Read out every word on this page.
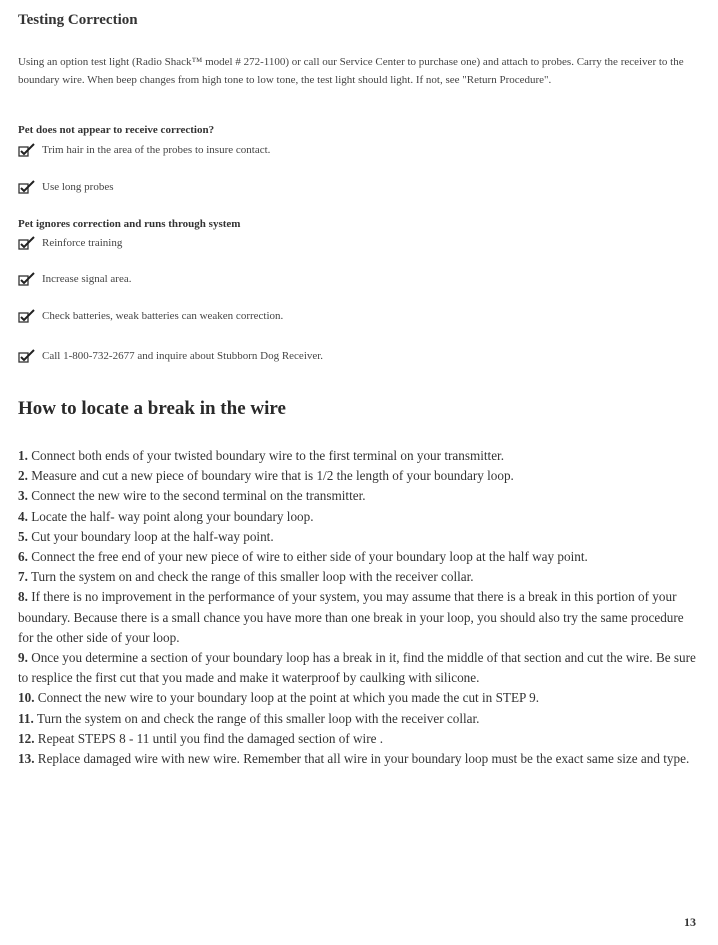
Testing Correction
Using an option test light (Radio Shack™ model # 272-1100) or call our Service Center to purchase one) and attach to probes. Carry the receiver to the boundary wire. When beep changes from high tone to low tone, the test light should light. If not, see "Return Procedure".
Pet does not appear to receive correction?
Trim hair in the area of the probes to insure contact.
Use long probes
Pet ignores correction and runs through system
Reinforce training
Increase signal area.
Check batteries, weak batteries can weaken correction.
Call 1-800-732-2677 and inquire about Stubborn Dog Receiver.
How to locate a break in the wire
1. Connect both ends of your twisted boundary wire to the first terminal on your transmitter.
2. Measure and cut a new piece of boundary wire that is 1/2 the length of your boundary loop.
3. Connect the new wire to the second terminal on the transmitter.
4. Locate the half- way point along your boundary loop.
5. Cut your boundary loop at the half-way point.
6. Connect the free end of your new piece of wire to either side of your boundary loop at the half way point.
7. Turn the system on and check the range of this smaller loop with the receiver collar.
8. If there is no improvement in the performance of your system, you may assume that there is a break in this portion of your boundary. Because there is a small chance you have more than one break in your loop, you should also try the same procedure for the other side of your loop.
9. Once you determine a section of your boundary loop has a break in it, find the middle of that section and cut the wire. Be sure to resplice the first cut that you made and make it waterproof by caulking with silicone.
10. Connect the new wire to your boundary loop at the point at which you made the cut in STEP 9.
11. Turn the system on and check the range of this smaller loop with the receiver collar.
12. Repeat STEPS 8 - 11 until you find the damaged section of wire .
13. Replace damaged wire with new wire. Remember that all wire in your boundary loop must be the exact same size and type.
13
